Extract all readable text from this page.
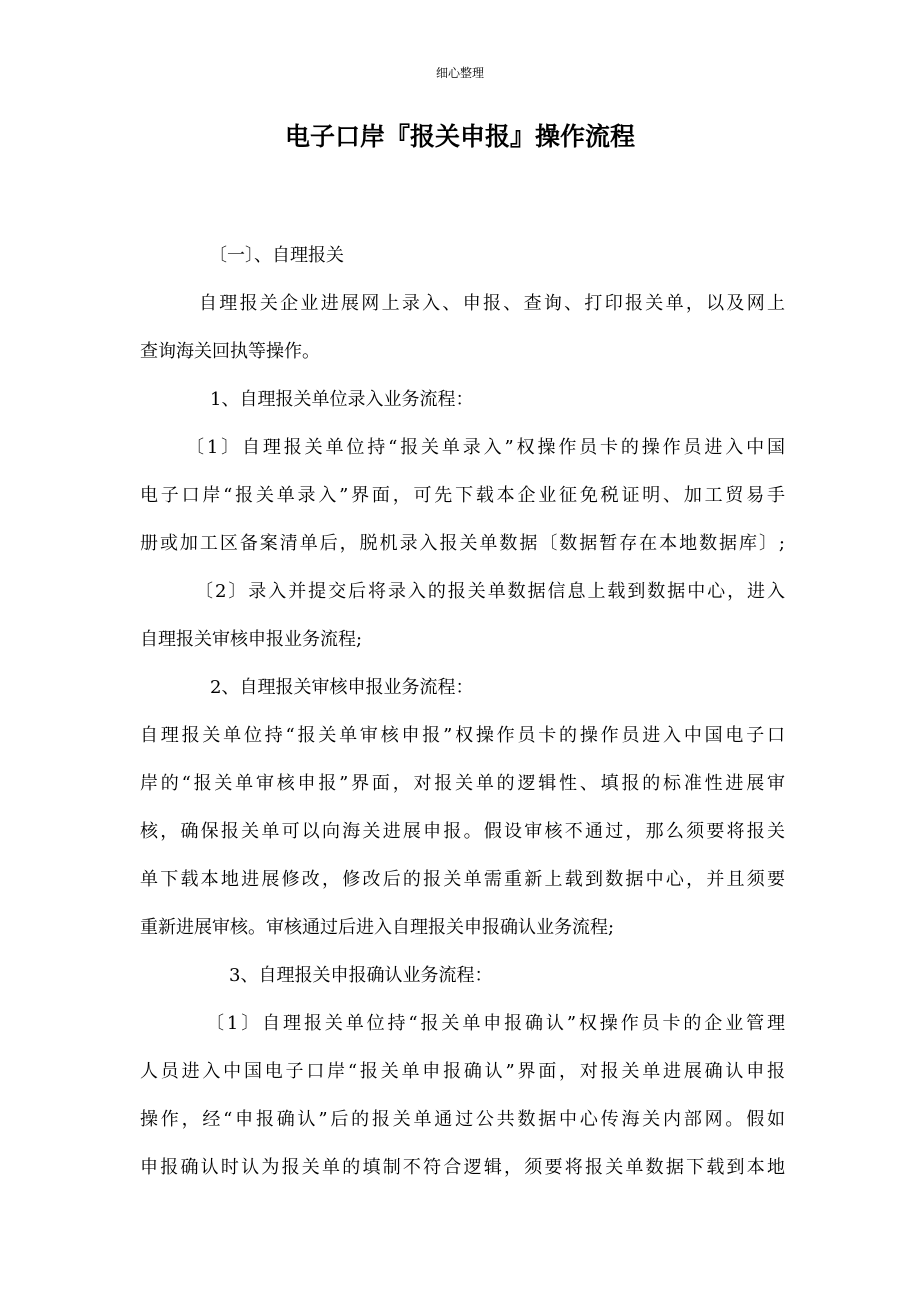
细心整理
电子口岸『报关申报』操作流程
〔一〕、自理报关
自理报关企业进展网上录入、申报、查询、打印报关单，以及网上
查询海关回执等操作。
1、自理报关单位录入业务流程：
〔1〕自理报关单位持“报关单录入”权操作员卡的操作员进入中国
电子口岸“报关单录入”界面，可先下载本企业征免税证明、加工贸易手
册或加工区备案清单后，脱机录入报关单数据〔数据暂存在本地数据库〕;
〔2〕录入并提交后将录入的报关单数据信息上载到数据中心，进入
自理报关审核申报业务流程;
2、自理报关审核申报业务流程：
自理报关单位持“报关单审核申报”权操作员卡的操作员进入中国电子口
岸的“报关单审核申报”界面，对报关单的逻辑性、填报的标准性进展审
核，确保报关单可以向海关进展申报。假设审核不通过，那么须要将报关
单下载本地进展修改，修改后的报关单需重新上载到数据中心，并且须要
重新进展审核。审核通过后进入自理报关申报确认业务流程;
3、自理报关申报确认业务流程：
〔1〕自理报关单位持“报关单申报确认”权操作员卡的企业管理
人员进入中国电子口岸“报关单申报确认”界面，对报关单进展确认申报
操作，经“申报确认”后的报关单通过公共数据中心传海关内部网。假如
申报确认时认为报关单的填制不符合逻辑，须要将报关单数据下载到本地
